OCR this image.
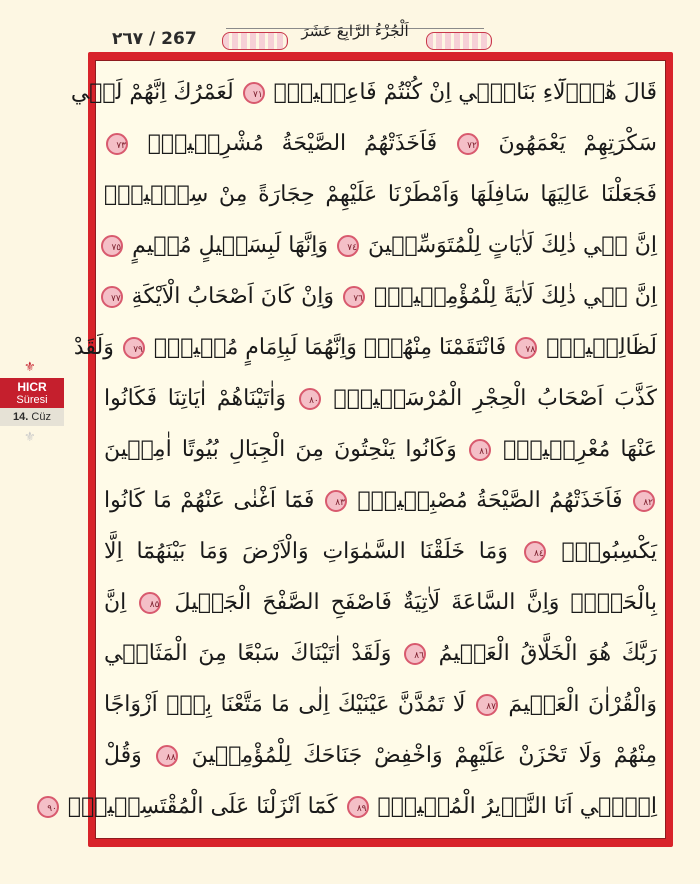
٢٦٧ / 267	اَلْجُزْءُ الرَّابِعَ عَشَرَ
⚜
HICR
Süresi
14. Cüz
⚜
قَالَ هٰٓؤُ۬لَٓاءِ بَنَاتٖٓي اِنْ كُنْتُمْ فَاعِلٖينَۜ ٧١ لَعَمْرُكَ اِنَّهُمْ لَفٖي
سَكْرَتِهِمْ يَعْمَهُونَ ٧٢ فَاَخَذَتْهُمُ الصَّيْحَةُ مُشْرِقٖينَۙ ٧٣
فَجَعَلْنَا عَالِيَهَا سَافِلَهَا وَاَمْطَرْنَا عَلَيْهِمْ حِجَارَةً مِنْ سِجّٖيلٍۜ
اِنَّ فٖي ذٰلِكَ لَاٰيَاتٍ لِلْمُتَوَسِّمٖينَ ٧٤ وَاِنَّهَا لَبِسَبٖيلٍ مُقٖيمٍ ٧٥
اِنَّ فٖي ذٰلِكَ لَاٰيَةً لِلْمُؤْمِنٖينَۜ ٧٦ وَاِنْ كَانَ اَصْحَابُ الْاَيْكَةِ ٧٧
لَظَالِمٖينَۙ ٧٨ فَانْتَقَمْنَا مِنْهُمْۘ وَاِنَّهُمَا لَبِاِمَامٍ مُبٖينٍۜ ٧٩ وَلَقَدْ
كَذَّبَ اَصْحَابُ الْحِجْرِ الْمُرْسَلٖينَۙ ٨٠ وَاٰتَيْنَاهُمْ اٰيَاتِنَا فَكَانُوا
عَنْهَا مُعْرِضٖينَۙ ٨١ وَكَانُوا يَنْحِتُونَ مِنَ الْجِبَالِ بُيُوتًا اٰمِنٖينَ
٨٢ فَاَخَذَتْهُمُ الصَّيْحَةُ مُصْبِحٖينَۙ ٨٣ فَمَٓا اَغْنٰى عَنْهُمْ مَا كَانُوا
يَكْسِبُونَۜ ٨٤ وَمَا خَلَقْنَا السَّمٰوَاتِ وَالْاَرْضَ وَمَا بَيْنَهُمَٓا اِلَّا
بِالْحَقِّۜ وَاِنَّ السَّاعَةَ لَاٰتِيَةٌ فَاصْفَحِ الصَّفْحَ الْجَمٖيلَ ٨٥ اِنَّ
رَبَّكَ هُوَ الْخَلَّاقُ الْعَلٖيمُ ٨٦ وَلَقَدْ اٰتَيْنَاكَ سَبْعًا مِنَ الْمَثَانٖي
وَالْقُرْاٰنَ الْعَظٖيمَ ٨٧ لَا تَمُدَّنَّ عَيْنَيْكَ اِلٰى مَا مَتَّعْنَا بِهٖٓ اَزْوَاجًا
مِنْهُمْ وَلَا تَحْزَنْ عَلَيْهِمْ وَاخْفِضْ جَنَاحَكَ لِلْمُؤْمِنٖينَ ٨٨ وَقُلْ
اِنّٖٓي اَنَا النَّذٖيرُ الْمُبٖينُۚ ٨٩ كَمَٓا اَنْزَلْنَا عَلَى الْمُقْتَسِمٖينَۙ ٩٠
